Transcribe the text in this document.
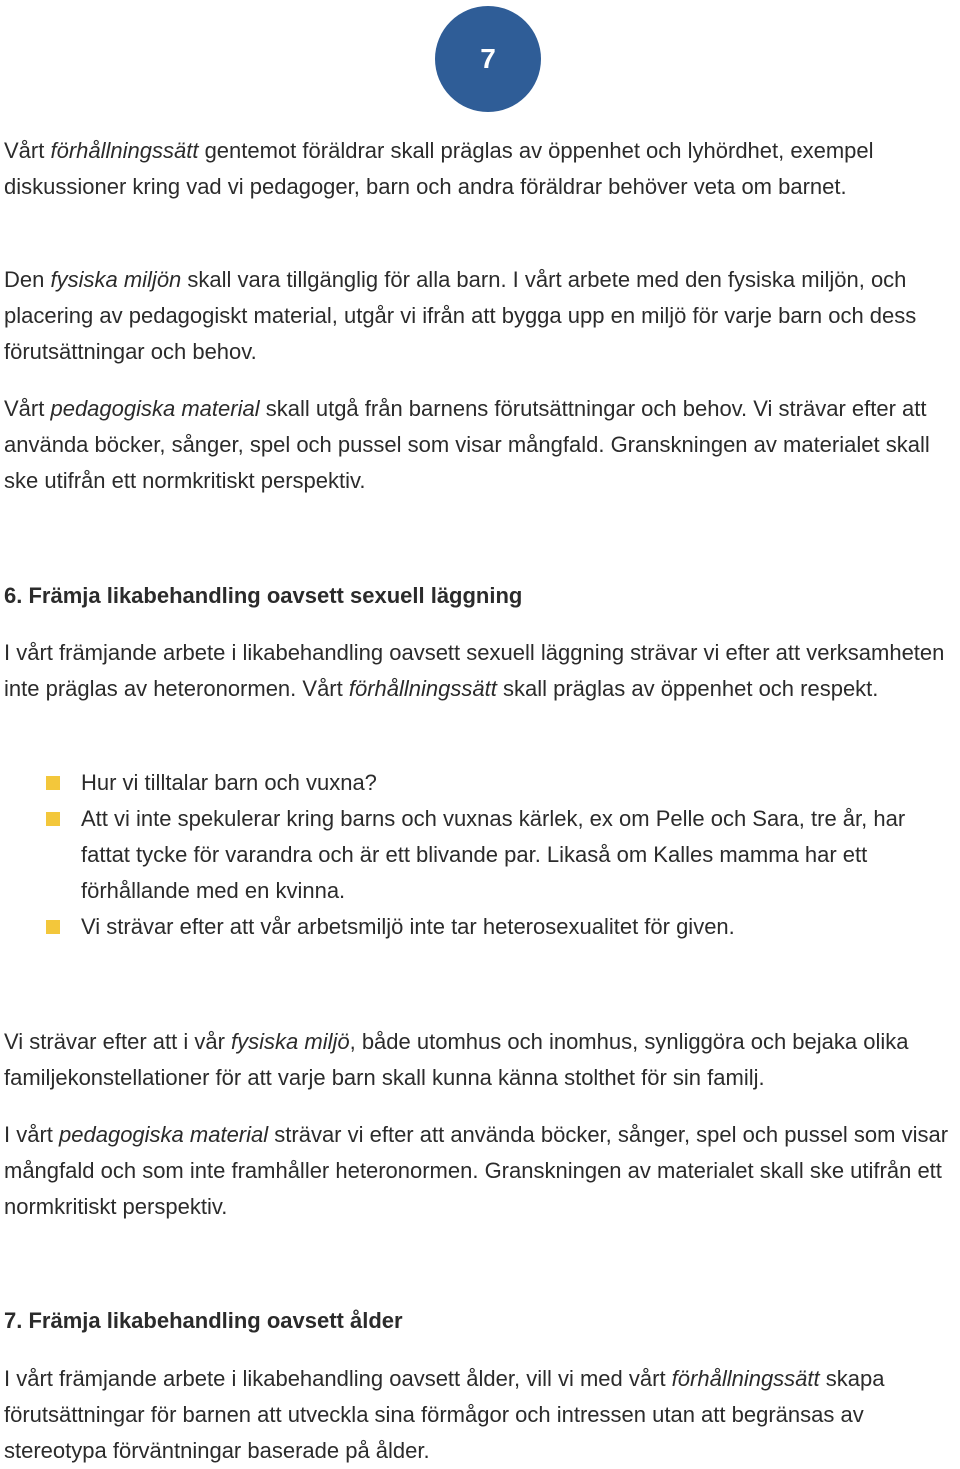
7

Vårt förhållningssätt gentemot föräldrar skall präglas av öppenhet och lyhördhet, exempel diskussioner kring vad vi pedagoger, barn och andra föräldrar behöver veta om barnet.

Den fysiska miljön skall vara tillgänglig för alla barn. I vårt arbete med den fysiska miljön, och placering av pedagogiskt material, utgår vi ifrån att bygga upp en miljö för varje barn och dess förutsättningar och behov.

Vårt pedagogiska material skall utgå från barnens förutsättningar och behov. Vi strävar efter att använda böcker, sånger, spel och pussel som visar mångfald. Granskningen av materialet skall ske utifrån ett normkritiskt perspektiv.

6. Främja likabehandling oavsett sexuell läggning

I vårt främjande arbete i likabehandling oavsett sexuell läggning strävar vi efter att verksamheten inte präglas av heteronormen. Vårt förhållningssätt skall präglas av öppenhet och respekt.

Hur vi tilltalar barn och vuxna?
Att vi inte spekulerar kring barns och vuxnas kärlek, ex om Pelle och Sara, tre år, har fattat tycke för varandra och är ett blivande par. Likaså om Kalles mamma har ett förhållande med en kvinna.
Vi strävar efter att vår arbetsmiljö inte tar heterosexualitet för given.

Vi strävar efter att i vår fysiska miljö, både utomhus och inomhus, synliggöra och bejaka olika familjekonstellationer för att varje barn skall kunna känna stolthet för sin familj.

I vårt pedagogiska material strävar vi efter att använda böcker, sånger, spel och pussel som visar mångfald och som inte framhåller heteronormen. Granskningen av materialet skall ske utifrån ett normkritiskt perspektiv.

7. Främja likabehandling oavsett ålder

I vårt främjande arbete i likabehandling oavsett ålder, vill vi med vårt förhållningssätt skapa förutsättningar för barnen att utveckla sina förmågor och intressen utan att begränsas av stereotypa förväntningar baserade på ålder.
